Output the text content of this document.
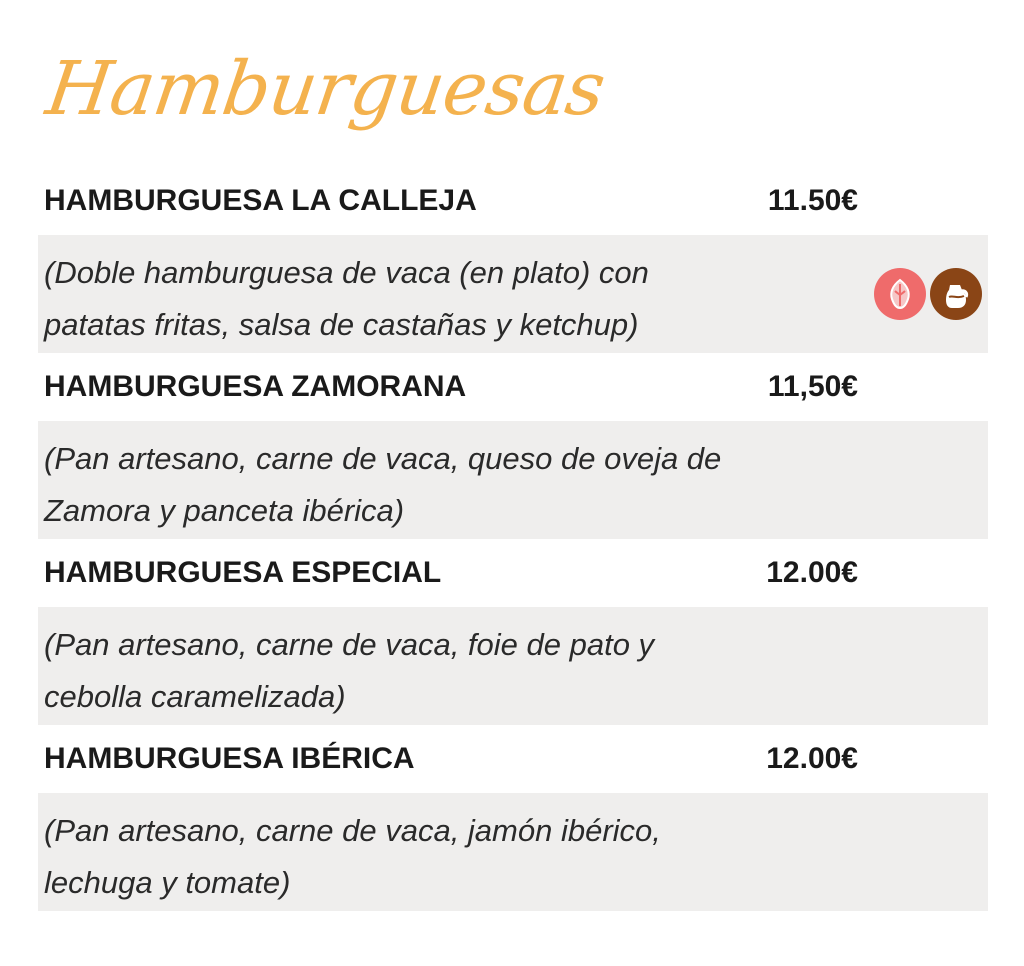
Hamburguesas
HAMBURGUESA LA CALLEJA	11.50€
(Doble hamburguesa de vaca (en plato) con patatas fritas, salsa de castañas y ketchup)
HAMBURGUESA ZAMORANA	11,50€
(Pan artesano, carne de vaca, queso de oveja de Zamora y panceta ibérica)
HAMBURGUESA ESPECIAL	12.00€
(Pan artesano, carne de vaca, foie de pato y cebolla caramelizada)
HAMBURGUESA IBÉRICA	12.00€
(Pan artesano, carne de vaca, jamón ibérico, lechuga y tomate)
